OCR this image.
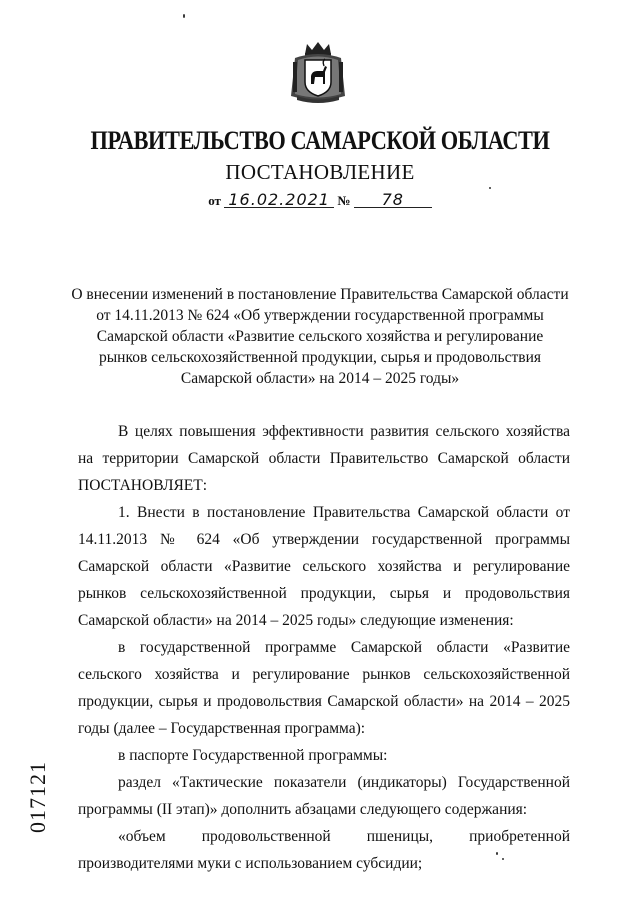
ПРАВИТЕЛЬСТВО САМАРСКОЙ ОБЛАСТИ
ПОСТАНОВЛЕНИЕ
от 16.02.2021 № 78
О внесении изменений в постановление Правительства Самарской области
от 14.11.2013 № 624 «Об утверждении государственной программы
Самарской области «Развитие сельского хозяйства и регулирование
рынков сельскохозяйственной продукции, сырья и продовольствия
Самарской области» на 2014 – 2025 годы»

В целях повышения эффективности развития сельского хозяйства на территории Самарской области Правительство Самарской области ПОСТАНОВЛЯЕТ:

1. Внести в постановление Правительства Самарской области от 14.11.2013 № 624 «Об утверждении государственной программы Самарской области «Развитие сельского хозяйства и регулирование рынков сельскохозяйственной продукции, сырья и продовольствия Самарской области» на 2014 – 2025 годы» следующие изменения:

в государственной программе Самарской области «Развитие сельского хозяйства и регулирование рынков сельскохозяйственной продукции, сырья и продовольствия Самарской области» на 2014 – 2025 годы (далее – Государственная программа):

в паспорте Государственной программы:

раздел «Тактические показатели (индикаторы) Государственной программы (II этап)» дополнить абзацами следующего содержания:

«объем продовольственной пшеницы, приобретенной производителями муки с использованием субсидии;

017121
